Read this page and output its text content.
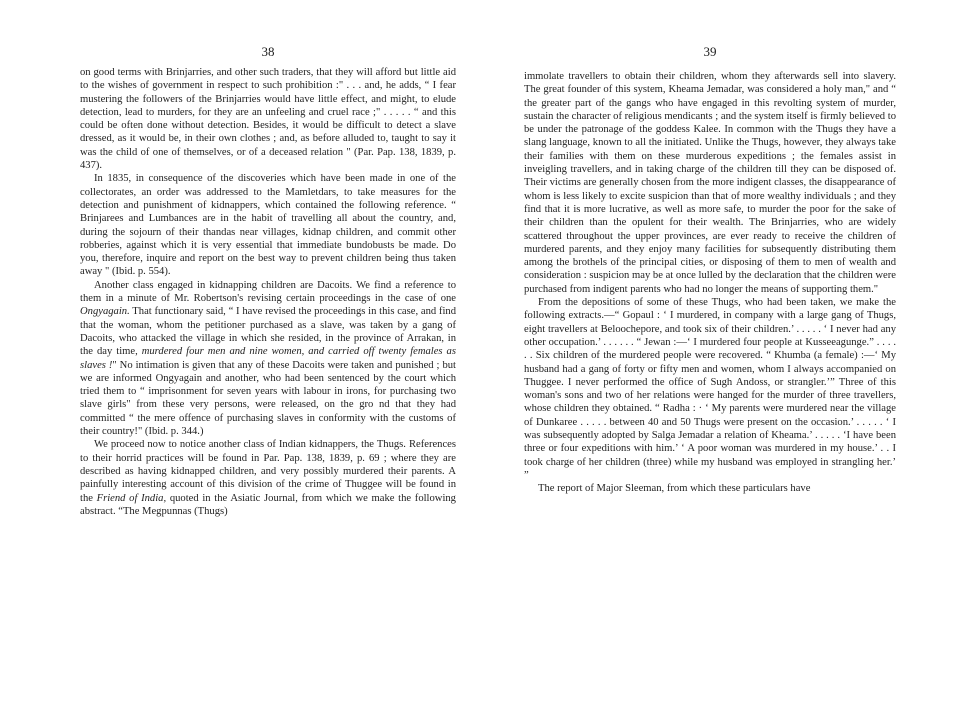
38

on good terms with Brinjarries, and other such traders, that they will afford but little aid to the wishes of government in respect to such prohibition :" . . . and, he adds, “ I fear mustering the followers of the Brinjarries would have little effect, and might, to elude detection, lead to murders, for they are an unfeeling and cruel race ;" . . . . . “ and this could be often done without detection. Besides, it would be difficult to detect a slave dressed, as it would be, in their own clothes ; and, as before alluded to, taught to say it was the child of one of themselves, or of a deceased relation " (Par. Pap. 138, 1839, p. 437).

In 1835, in consequence of the discoveries which have been made in one of the collectorates, an order was addressed to the Mamletdars, to take measures for the detection and punishment of kidnappers, which contained the following reference. “ Brinjarees and Lumbances are in the habit of travelling all about the country, and, during the sojourn of their thandas near villages, kidnap children, and commit other robberies, against which it is very essential that immediate bundobusts be made. Do you, therefore, inquire and report on the best way to prevent children being thus taken away " (Ibid. p. 554).

Another class engaged in kidnapping children are Dacoits. We find a reference to them in a minute of Mr. Robertson's revising certain proceedings in the case of one Ongyagain. That functionary said, “ I have revised the proceedings in this case, and find that the woman, whom the petitioner purchased as a slave, was taken by a gang of Dacoits, who attacked the village in which she resided, in the province of Arrakan, in the day time, murdered four men and nine women, and carried off twenty females as slaves !" No intimation is given that any of these Dacoits were taken and punished ; but we are informed Ongyagain and another, who had been sentenced by the court which tried them to “ imprisonment for seven years with labour in irons, for purchasing two slave girls" from these very persons, were released, on the gro nd that they had committed “ the mere offence of purchasing slaves in conformity with the customs of their country!" (Ibid. p. 344.)

We proceed now to notice another class of Indian kidnappers, the Thugs. References to their horrid practices will be found in Par. Pap. 138, 1839, p. 69 ; where they are described as having kidnapped children, and very possibly murdered their parents. A painfully interesting account of this division of the crime of Thuggee will be found in the Friend of India, quoted in the Asiatic Journal, from which we make the following abstract. “The Megpunnas (Thugs)

39

immolate travellers to obtain their children, whom they afterwards sell into slavery. The great founder of this system, Kheama Jemadar, was considered a holy man," and “ the greater part of the gangs who have engaged in this revolting system of murder, sustain the character of religious mendicants ; and the system itself is firmly believed to be under the patronage of the goddess Kalee. In common with the Thugs they have a slang language, known to all the initiated. Unlike the Thugs, however, they always take their families with them on these murderous expeditions ; the females assist in inveigling travellers, and in taking charge of the children till they can be disposed of. Their victims are generally chosen from the more indigent classes, the disappearance of whom is less likely to excite suspicion than that of more wealthy individuals ; and they find that it is more lucrative, as well as more safe, to murder the poor for the sake of their children than the opulent for their wealth. The Brinjarries, who are widely scattered throughout the upper provinces, are ever ready to receive the children of murdered parents, and they enjoy many facilities for subsequently distributing them among the brothels of the principal cities, or disposing of them to men of wealth and consideration : suspicion may be at once lulled by the declaration that the children were purchased from indigent parents who had no longer the means of supporting them."

From the depositions of some of these Thugs, who had been taken, we make the following extracts.—“ Gopaul : ‘ I murdered, in company with a large gang of Thugs, eight travellers at Beloochepore, and took six of their children.’ . . . . . ‘ I never had any other occupation.’ . . . . . . “ Jewan :—‘ I murdered four people at Kusseeagunge.” . . . . . . Six children of the murdered people were recovered. “ Khumba (a female) :—‘ My husband had a gang of forty or fifty men and women, whom I always accompanied on Thuggee. I never performed the office of Sugh Andoss, or strangler.’” Three of this woman's sons and two of her relations were hanged for the murder of three travellers, whose children they obtained. “ Radha : · ‘ My parents were murdered near the village of Dunkaree . . . . . between 40 and 50 Thugs were present on the occasion.’ . . . . . ‘ I was subsequently adopted by Salga Jemadar a relation of Kheama.’ . . . . . ‘I have been three or four expeditions with him.’ ‘ A poor woman was murdered in my house.’ . . I took charge of her children (three) while my husband was employed in strangling her.’ ”

The report of Major Sleeman, from which these particulars have
